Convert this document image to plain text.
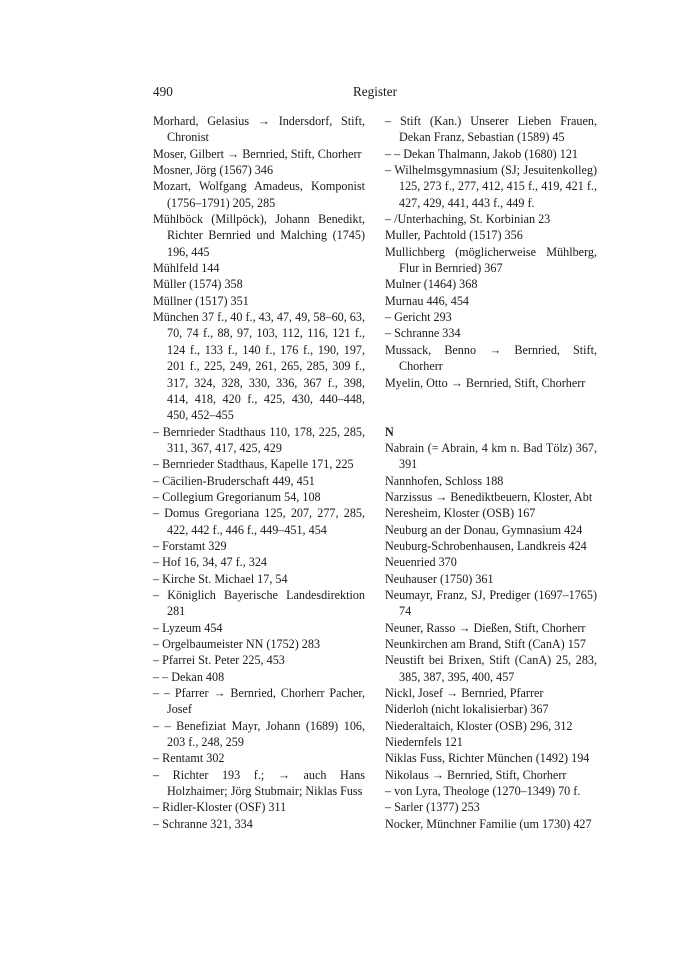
490	Register
Morhard, Gelasius → Indersdorf, Stift, Chronist
Moser, Gilbert → Bernried, Stift, Chorherr
Mosner, Jörg (1567) 346
Mozart, Wolfgang Amadeus, Komponist (1756–1791) 205, 285
Mühlböck (Millpöck), Johann Benedikt, Richter Bernried und Malching (1745) 196, 445
Mühlfeld 144
Müller (1574) 358
Müllner (1517) 351
München 37 f., 40 f., 43, 47, 49, 58–60, 63, 70, 74 f., 88, 97, 103, 112, 116, 121 f., 124 f., 133 f., 140 f., 176 f., 190, 197, 201 f., 225, 249, 261, 265, 285, 309 f., 317, 324, 328, 330, 336, 367 f., 398, 414, 418, 420 f., 425, 430, 440–448, 450, 452–455
– Bernrieder Stadthaus 110, 178, 225, 285, 311, 367, 417, 425, 429
– Bernrieder Stadthaus, Kapelle 171, 225
– Cäcilien-Bruderschaft 449, 451
– Collegium Gregorianum 54, 108
– Domus Gregoriana 125, 207, 277, 285, 422, 442 f., 446 f., 449–451, 454
– Forstamt 329
– Hof 16, 34, 47 f., 324
– Kirche St. Michael 17, 54
– Königlich Bayerische Landesdirektion 281
– Lyzeum 454
– Orgelbaumeister NN (1752) 283
– Pfarrei St. Peter 225, 453
– – Dekan 408
– – Pfarrer → Bernried, Chorherr Pacher, Josef
– – Benefiziat Mayr, Johann (1689) 106, 203 f., 248, 259
– Rentamt 302
– Richter 193 f.; → auch Hans Holzhaimer; Jörg Stubmair; Niklas Fuss
– Ridler-Kloster (OSF) 311
– Schranne 321, 334
– Stift (Kan.) Unserer Lieben Frauen, Dekan Franz, Sebastian (1589) 45
– – Dekan Thalmann, Jakob (1680) 121
– Wilhelmsgymnasium (SJ; Jesuitenkolleg) 125, 273 f., 277, 412, 415 f., 419, 421 f., 427, 429, 441, 443 f., 449 f.
– /Unterhaching, St. Korbinian 23
Muller, Pachtold (1517) 356
Mullichberg (möglicherweise Mühlberg, Flur in Bernried) 367
Mulner (1464) 368
Murnau 446, 454
– Gericht 293
– Schranne 334
Mussack, Benno → Bernried, Stift, Chorherr
Myelin, Otto → Bernried, Stift, Chorherr
N
Nabrain (= Abrain, 4 km n. Bad Tölz) 367, 391
Nannhofen, Schloss 188
Narzissus → Benediktbeuern, Kloster, Abt
Neresheim, Kloster (OSB) 167
Neuburg an der Donau, Gymnasium 424
Neuburg-Schrobenhausen, Landkreis 424
Neuenried 370
Neuhauser (1750) 361
Neumayr, Franz, SJ, Prediger (1697–1765) 74
Neuner, Rasso → Dießen, Stift, Chorherr
Neunkirchen am Brand, Stift (CanA) 157
Neustift bei Brixen, Stift (CanA) 25, 283, 385, 387, 395, 400, 457
Nickl, Josef → Bernried, Pfarrer
Niderloh (nicht lokalisierbar) 367
Niederaltaich, Kloster (OSB) 296, 312
Niedernfels 121
Niklas Fuss, Richter München (1492) 194
Nikolaus → Bernried, Stift, Chorherr
– von Lyra, Theologe (1270–1349) 70 f.
– Sarler (1377) 253
Nocker, Münchner Familie (um 1730) 427
